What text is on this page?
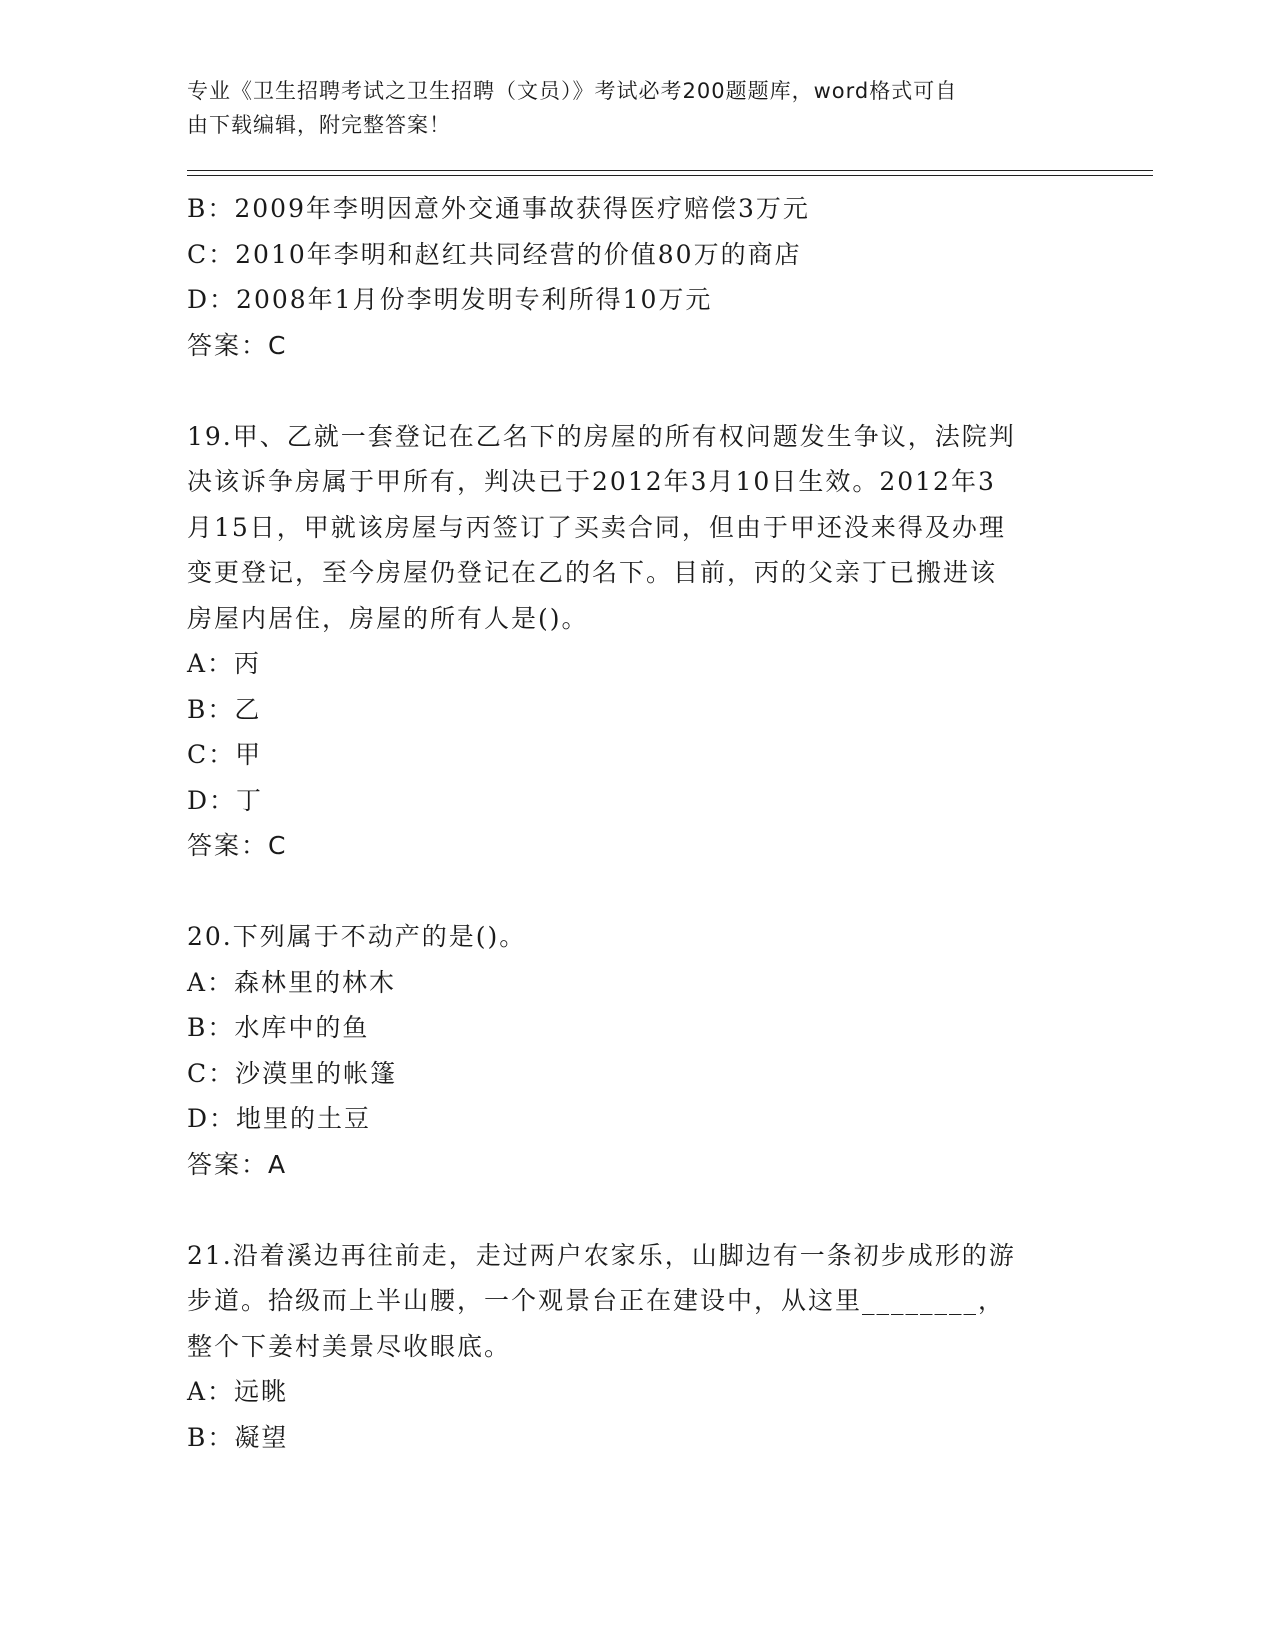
专业《卫生招聘考试之卫生招聘（文员）》考试必考200题题库，word格式可自
由下载编辑，附完整答案！
B：2009年李明因意外交通事故获得医疗赔偿3万元
C：2010年李明和赵红共同经营的价值80万的商店
D：2008年1月份李明发明专利所得10万元
答案：C
19.甲、乙就一套登记在乙名下的房屋的所有权问题发生争议，法院判
决该诉争房属于甲所有，判决已于2012年3月10日生效。2012年3
月15日，甲就该房屋与丙签订了买卖合同，但由于甲还没来得及办理
变更登记，至今房屋仍登记在乙的名下。目前，丙的父亲丁已搬进该
房屋内居住，房屋的所有人是()。
A：丙
B：乙
C：甲
D：丁
答案：C
20.下列属于不动产的是()。
A：森林里的林木
B：水库中的鱼
C：沙漠里的帐篷
D：地里的土豆
答案：A
21.沿着溪边再往前走，走过两户农家乐，山脚边有一条初步成形的游
步道。拾级而上半山腰，一个观景台正在建设中，从这里________，
整个下姜村美景尽收眼底。
A：远眺
B：凝望
